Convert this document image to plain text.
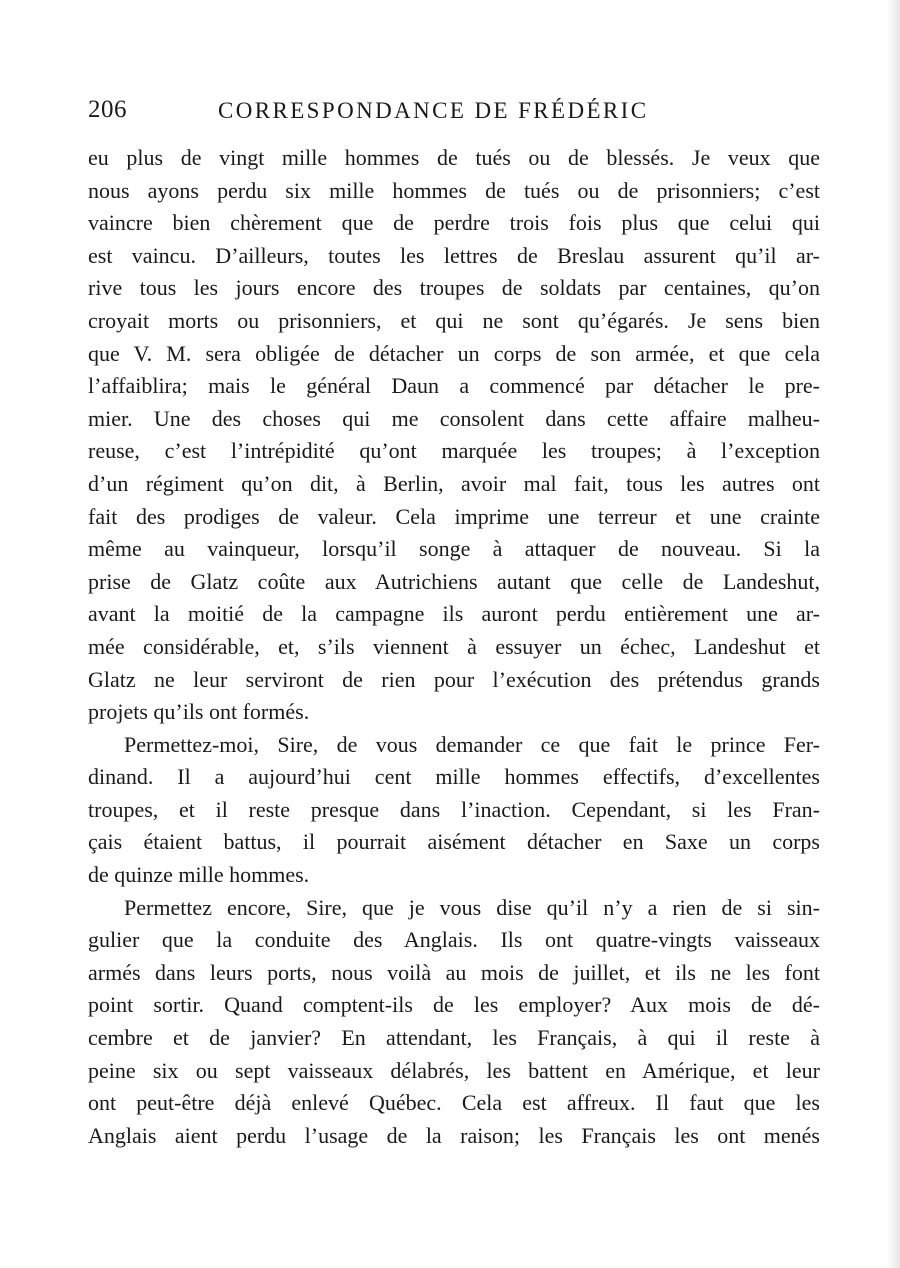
206	CORRESPONDANCE DE FRÉDÉRIC
eu plus de vingt mille hommes de tués ou de blessés. Je veux que
nous ayons perdu six mille hommes de tués ou de prisonniers; c’est
vaincre bien chèrement que de perdre trois fois plus que celui qui
est vaincu. D’ailleurs, toutes les lettres de Breslau assurent qu’il ar-
rive tous les jours encore des troupes de soldats par centaines, qu’on
croyait morts ou prisonniers, et qui ne sont qu’égarés. Je sens bien
que V. M. sera obligée de détacher un corps de son armée, et que cela
l’affaiblira; mais le général Daun a commencé par détacher le pre-
mier. Une des choses qui me consolent dans cette affaire malheu-
reuse, c’est l’intrépidité qu’ont marquée les troupes; à l’exception
d’un régiment qu’on dit, à Berlin, avoir mal fait, tous les autres ont
fait des prodiges de valeur. Cela imprime une terreur et une crainte
même au vainqueur, lorsqu’il songe à attaquer de nouveau. Si la
prise de Glatz coûte aux Autrichiens autant que celle de Landeshut,
avant la moitié de la campagne ils auront perdu entièrement une ar-
mée considérable, et, s’ils viennent à essuyer un échec, Landeshut et
Glatz ne leur serviront de rien pour l’exécution des prétendus grands
projets qu’ils ont formés.
Permettez-moi, Sire, de vous demander ce que fait le prince Fer-
dinand. Il a aujourd’hui cent mille hommes effectifs, d’excellentes
troupes, et il reste presque dans l’inaction. Cependant, si les Fran-
çais étaient battus, il pourrait aisément détacher en Saxe un corps
de quinze mille hommes.
Permettez encore, Sire, que je vous dise qu’il n’y a rien de si sin-
gulier que la conduite des Anglais. Ils ont quatre-vingts vaisseaux
armés dans leurs ports, nous voilà au mois de juillet, et ils ne les font
point sortir. Quand comptent-ils de les employer? Aux mois de dé-
cembre et de janvier? En attendant, les Français, à qui il reste à
peine six ou sept vaisseaux délabrés, les battent en Amérique, et leur
ont peut-être déjà enlevé Québec. Cela est affreux. Il faut que les
Anglais aient perdu l’usage de la raison; les Français les ont menés
